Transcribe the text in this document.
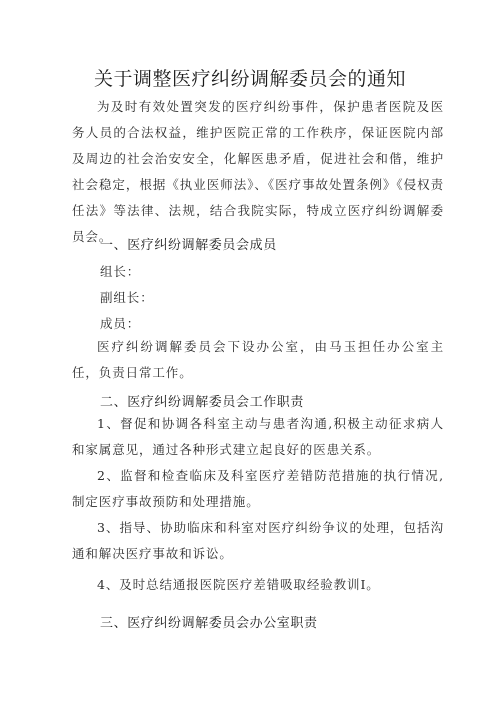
关于调整医疗纠纷调解委员会的通知
为及时有效处置突发的医疗纠纷事件，保护患者医院及医务人员的合法权益，维护医院正常的工作秩序，保证医院内部及周边的社会治安安全，化解医患矛盾，促进社会和偕，维护社会稳定，根据《执业医师法》、《医疗事故处置条例》《侵权责任法》等法律、法规，结合我院实际，特成立医疗纠纷调解委员会。
一、医疗纠纷调解委员会成员
组长：
副组长：
成员：
医疗纠纷调解委员会下设办公室，由马玉担任办公室主任，负责日常工作。
二、医疗纠纷调解委员会工作职责
1、督促和协调各科室主动与患者沟通,积极主动征求病人和家属意见，通过各种形式建立起良好的医患关系。
2、监督和检查临床及科室医疗差错防范措施的执行情况,制定医疗事故预防和处理措施。
3、指导、协助临床和科室对医疗纠纷争议的处理，包括沟通和解决医疗事故和诉讼。
4、及时总结通报医院医疗差错吸取经验教训I。
三、医疗纠纷调解委员会办公室职责
